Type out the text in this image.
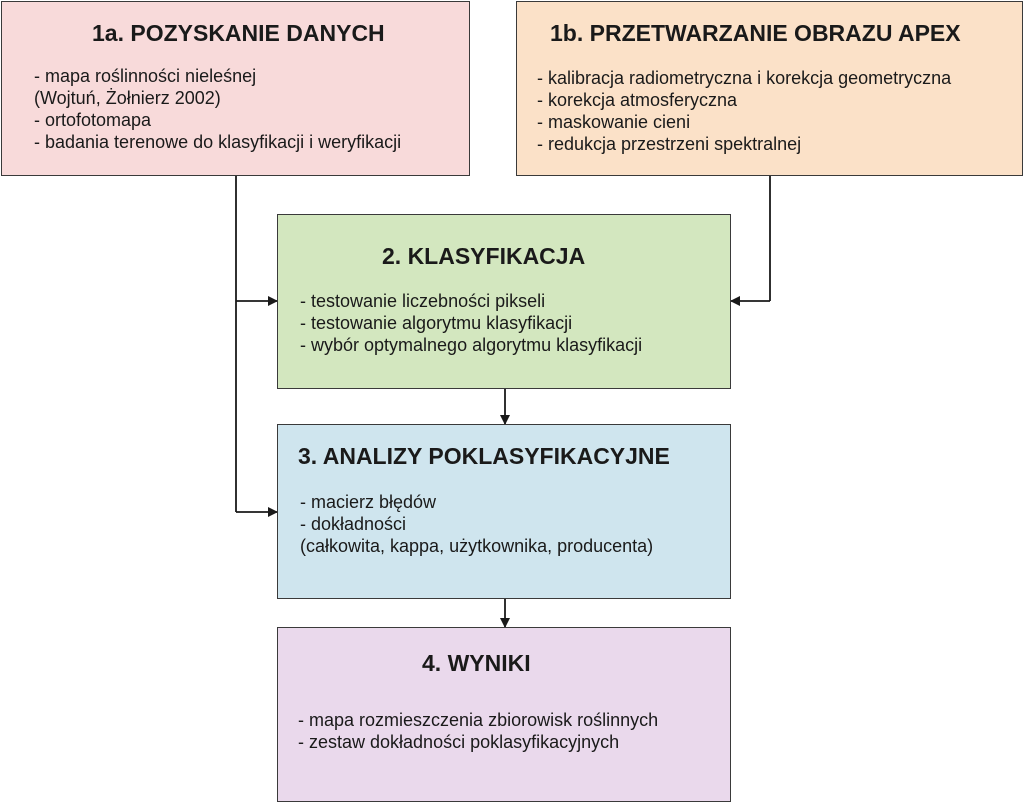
1a. POZYSKANIE DANYCH
- mapa roślinności nieleśnej
(Wojtuń, Żołnierz 2002)
- ortofotomapa
- badania terenowe do klasyfikacji i weryfikacji
1b. PRZETWARZANIE OBRAZU APEX
- kalibracja radiometryczna i korekcja geometryczna
- korekcja atmosferyczna
- maskowanie cieni
- redukcja przestrzeni spektralnej
2. KLASYFIKACJA
- testowanie liczebności pikseli
- testowanie algorytmu klasyfikacji
- wybór optymalnego algorytmu klasyfikacji
3. ANALIZY POKLASYFIKACYJNE
- macierz błędów
- dokładności
(całkowita, kappa, użytkownika, producenta)
4. WYNIKI
- mapa rozmieszczenia zbiorowisk roślinnych
- zestaw dokładności poklasyfikacyjnych
